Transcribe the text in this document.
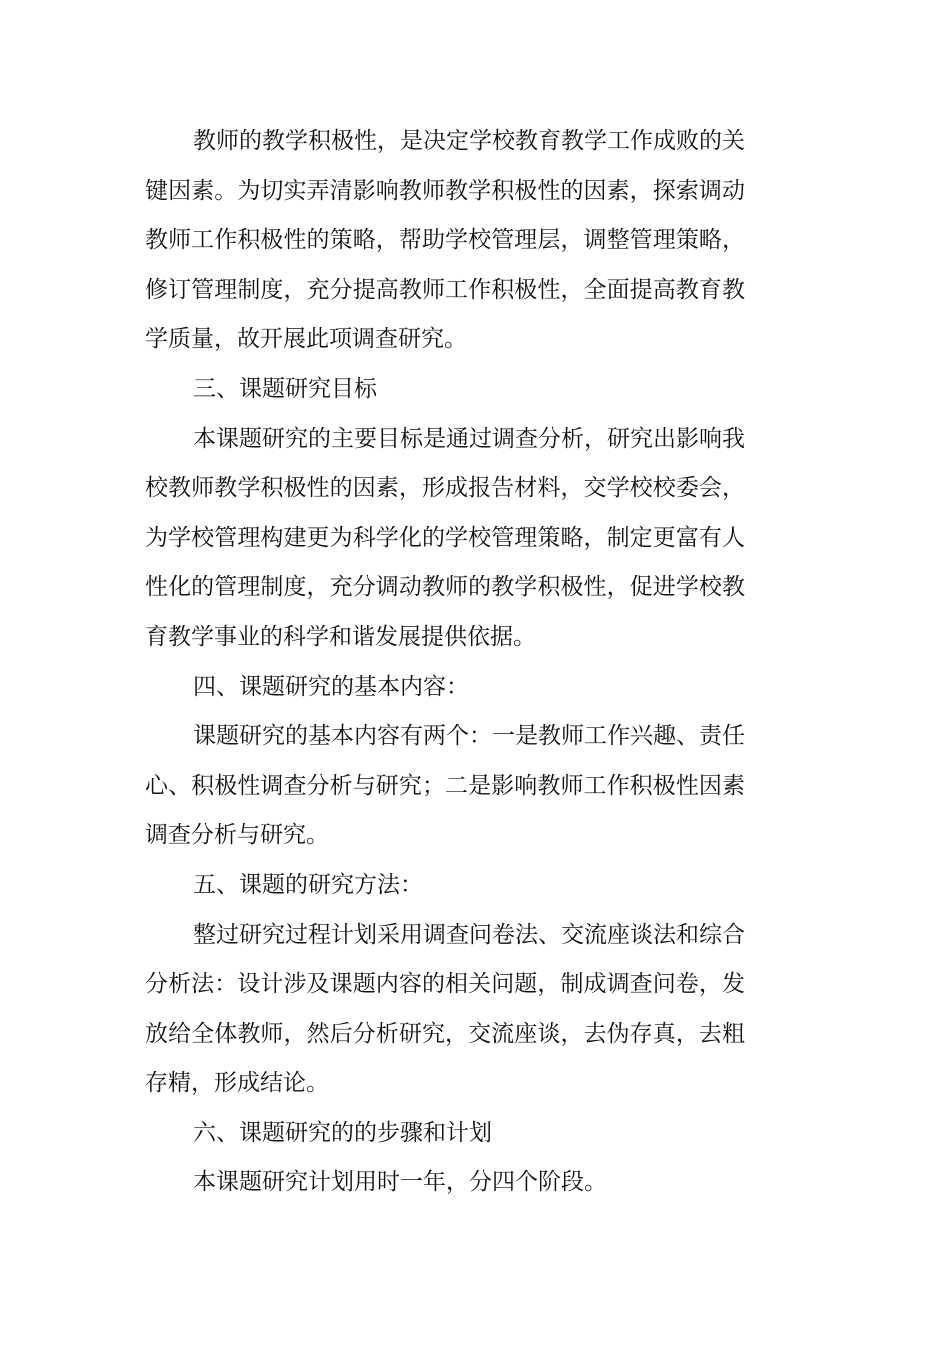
教师的教学积极性，是决定学校教育教学工作成败的关
键因素。为切实弄清影响教师教学积极性的因素，探索调动
教师工作积极性的策略，帮助学校管理层，调整管理策略，
修订管理制度，充分提高教师工作积极性，全面提高教育教
学质量，故开展此项调查研究。
三、课题研究目标
本课题研究的主要目标是通过调查分析，研究出影响我
校教师教学积极性的因素，形成报告材料，交学校校委会，
为学校管理构建更为科学化的学校管理策略，制定更富有人
性化的管理制度，充分调动教师的教学积极性，促进学校教
育教学事业的科学和谐发展提供依据。
四、课题研究的基本内容：
课题研究的基本内容有两个：一是教师工作兴趣、责任
心、积极性调查分析与研究；二是影响教师工作积极性因素
调查分析与研究。
五、课题的研究方法：
整过研究过程计划采用调查问卷法、交流座谈法和综合
分析法：设计涉及课题内容的相关问题，制成调查问卷，发
放给全体教师，然后分析研究，交流座谈，去伪存真，去粗
存精，形成结论。
六、课题研究的的步骤和计划
本课题研究计划用时一年，分四个阶段。
